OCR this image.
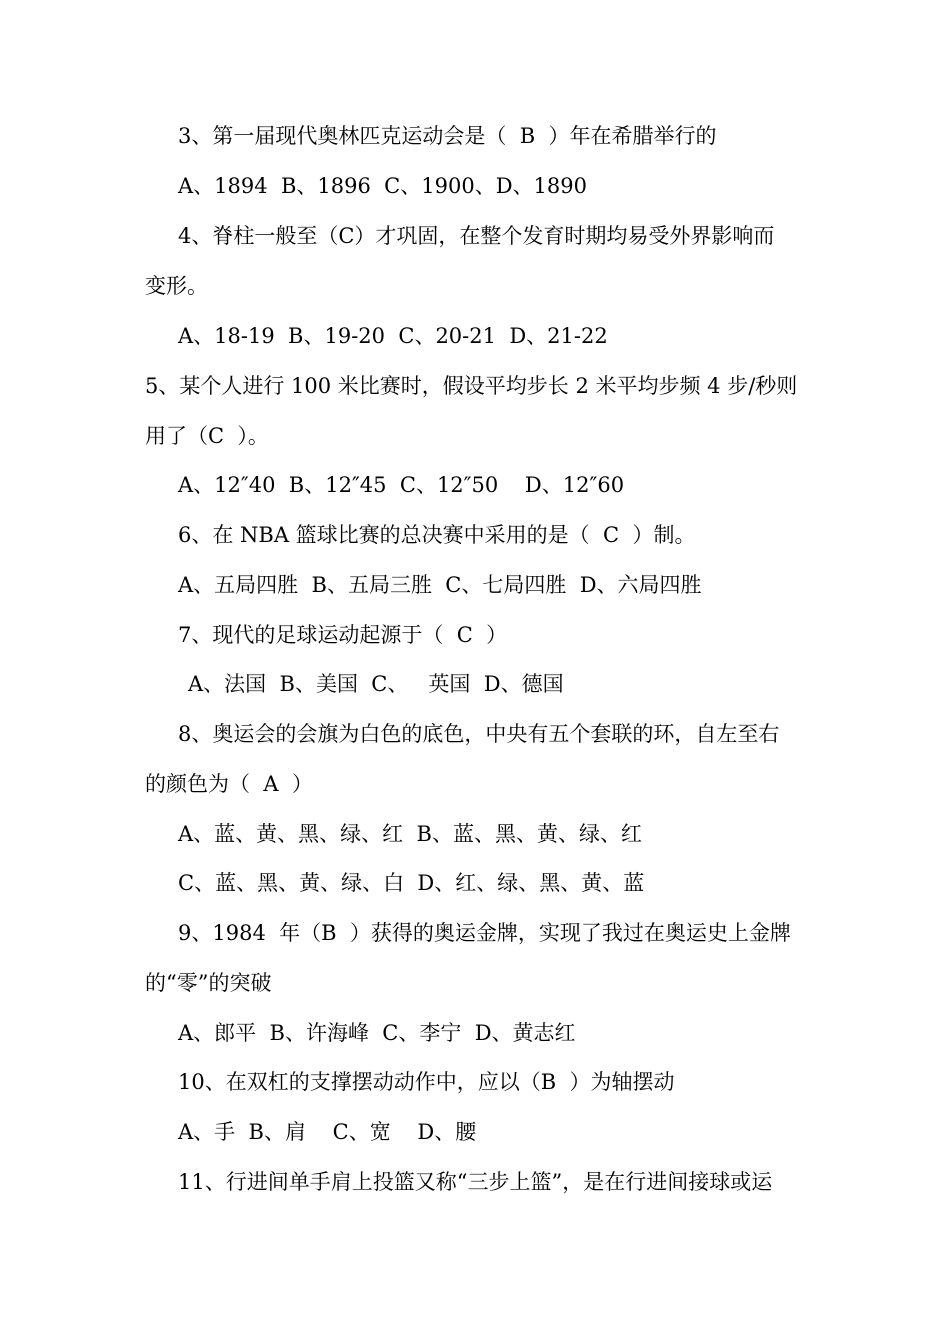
3、第一届现代奥林匹克运动会是（  B  ）年在希腊举行的
A、1894  B、1896  C、1900、D、1890
4、脊柱一般至（C）才巩固，在整个发育时期均易受外界影响而
变形。
A、18-19  B、19-20  C、20-21  D、21-22
5、某个人进行 100 米比赛时，假设平均步长 2 米平均步频 4 步/秒则
用了（C  ）。
A、12″40  B、12″45  C、12″50    D、12″60
6、在 NBA 篮球比赛的总决赛中采用的是（  C  ）制。
A、五局四胜  B、五局三胜  C、七局四胜  D、六局四胜
7、现代的足球运动起源于（  C  ）
A、法国  B、美国  C、   英国  D、德国
8、奥运会的会旗为白色的底色，中央有五个套联的环，自左至右
的颜色为（  A  ）
A、蓝、黄、黑、绿、红  B、蓝、黑、黄、绿、红
C、蓝、黑、黄、绿、白  D、红、绿、黑、黄、蓝
9、1984  年（B  ）获得的奥运金牌，实现了我过在奥运史上金牌
的“零”的突破
A、郎平  B、许海峰  C、李宁  D、黄志红
10、在双杠的支撑摆动动作中，应以（B  ）为轴摆动
A、手  B、肩    C、宽    D、腰
11、行进间单手肩上投篮又称“三步上篮”，是在行进间接球或运
